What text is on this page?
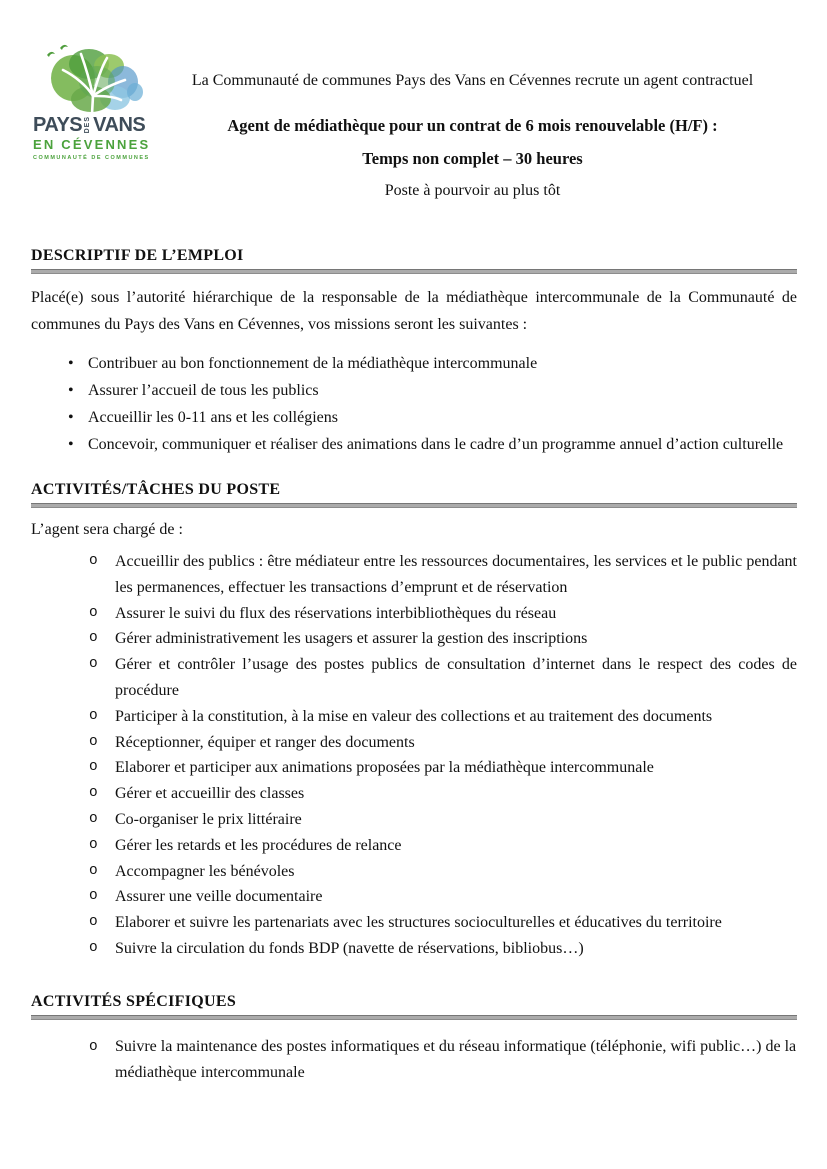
PAYS DES VANS
EN CÉVENNES
COMMUNAUTÉ DE COMMUNES

La Communauté de communes Pays des Vans en Cévennes recrute un agent contractuel

Agent de médiathèque pour un contrat de 6 mois renouvelable (H/F) :

Temps non complet – 30 heures

Poste à pourvoir au plus tôt

DESCRIPTIF DE L’EMPLOI

Placé(e) sous l’autorité hiérarchique de la responsable de la médiathèque intercommunale de la Communauté de communes du Pays des Vans en Cévennes, vos missions seront les suivantes :

• Contribuer au bon fonctionnement de la médiathèque intercommunale
• Assurer l’accueil de tous les publics
• Accueillir les 0-11 ans et les collégiens
• Concevoir, communiquer et réaliser des animations dans le cadre d’un programme annuel d’action culturelle
ACTIVITÉS/TÂCHES DU POSTE

L’agent sera chargé de :

o Accueillir des publics : être médiateur entre les ressources documentaires, les services et le public pendant les permanences, effectuer les transactions d’emprunt et de réservation
o Assurer le suivi du flux des réservations interbibliothèques du réseau
o Gérer administrativement les usagers et assurer la gestion des inscriptions
o Gérer et contrôler l’usage des postes publics de consultation d’internet dans le respect des codes de procédure
o Participer à la constitution, à la mise en valeur des collections et au traitement des documents
o Réceptionner, équiper et ranger des documents
o Elaborer et participer aux animations proposées par la médiathèque intercommunale
o Gérer et accueillir des classes
o Co-organiser le prix littéraire
o Gérer les retards et les procédures de relance
o Accompagner les bénévoles
o Assurer une veille documentaire
o Elaborer et suivre les partenariats avec les structures socioculturelles et éducatives du territoire
o Suivre la circulation du fonds BDP (navette de réservations, bibliobus…)
ACTIVITÉS SPÉCIFIQUES
o Suivre la maintenance des postes informatiques et du réseau informatique (téléphonie, wifi public…) de la médiathèque intercommunale
